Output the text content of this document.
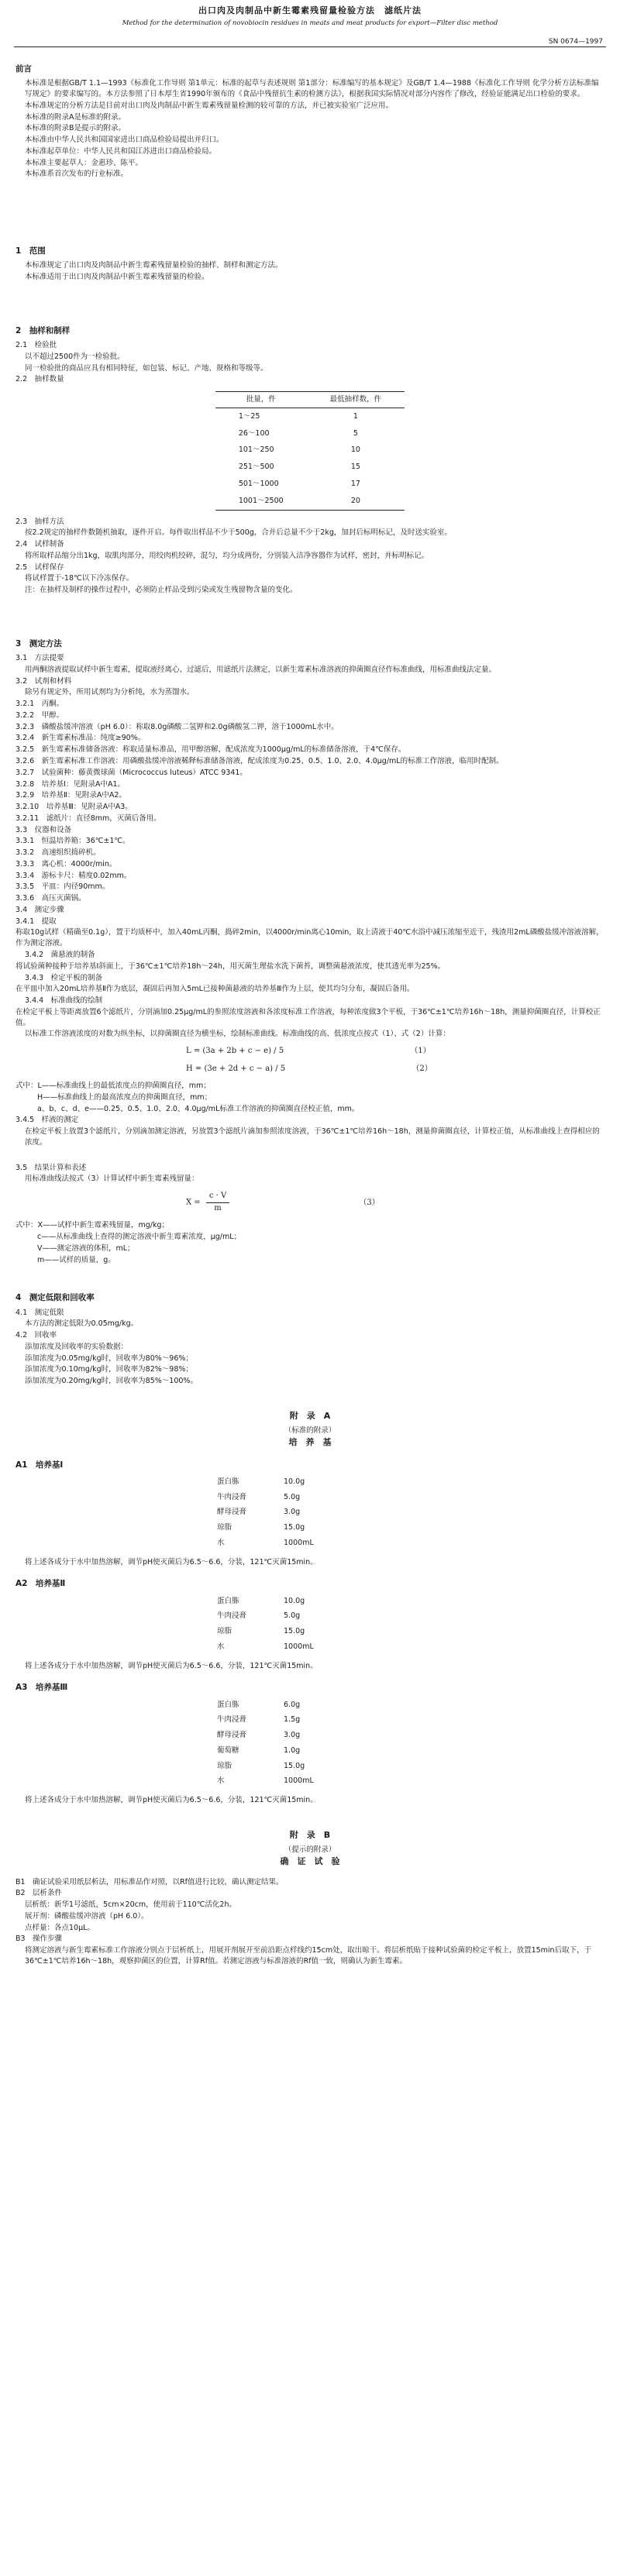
出口肉及肉制品中新生霉素残留量检验方法　滤纸片法
Method for the determination of novobiocin residues in meats and meat products for export—Filter disc method
SN 0674—1997
前言

本标准是根据GB/T 1.1—1993《标准化工作导则 第1单元：标准的起草与表述规则 第1部分：标准编写的基本规定》及GB/T 1.4—1988《标准化工作导则 化学分析方法标准编写规定》的要求编写的。本方法参照了日本厚生省1990年颁布的《食品中残留抗生素的检测方法》，根据我国实际情况对部分内容作了修改，经验证能满足出口检验的要求。

本标准规定的分析方法是目前对出口肉及肉制品中新生霉素残留量检测的较可靠的方法，并已被实验室广泛应用。

本标准的附录A是标准的附录。

本标准的附录B是提示的附录。

本标准由中华人民共和国国家进出口商品检验局提出并归口。

本标准起草单位：中华人民共和国江苏进出口商品检验局。

本标准主要起草人：金惠珍、陈平。

本标准系首次发布的行业标准。

1　范围

本标准规定了出口肉及肉制品中新生霉素残留量检验的抽样、制样和测定方法。

本标准适用于出口肉及肉制品中新生霉素残留量的检验。

2　抽样和制样

2.1　检验批

以不超过2500件为一检验批。

同一检验批的商品应具有相同特征，如包装、标记、产地、规格和等级等。

2.2　抽样数量

批量，件	最低抽样数，件
1～25	1
26～100	5
101～250	10
251～500	15
501～1000	17
1001～2500	20

2.3　抽样方法

按2.2规定的抽样件数随机抽取，逐件开启。每件取出样品不少于500g，合并后总量不少于2kg，加封后标明标记，及时送实验室。

2.4　试样制备

将所取样品缩分出1kg，取肌肉部分，用绞肉机绞碎，混匀，均分成两份，分别装入洁净容器作为试样，密封，并标明标记。

2.5　试样保存

将试样置于-18℃以下冷冻保存。

注：在抽样及制样的操作过程中，必须防止样品受到污染或发生残留物含量的变化。

3　测定方法

3.1　方法提要

用两酮溶液提取试样中新生霉素，提取液经离心、过滤后，用滤纸片法测定，以新生霉素标准溶液的抑菌圈直径作标准曲线，用标准曲线法定量。

3.2　试剂和材料

除另有规定外，所用试剂均为分析纯，水为蒸馏水。

3.2.1　丙酮。

3.2.2　甲醇。

3.2.3　磷酸盐缓冲溶液（pH 6.0）：称取8.0g磷酸二氢钾和2.0g磷酸氢二钾，溶于1000mL水中。

3.2.4　新生霉素标准品：纯度≥90%。

3.2.5　新生霉素标准储备溶液：称取适量标准品，用甲醇溶解，配成浓度为1000μg/mL的标准储备溶液，于4℃保存。

3.2.6　新生霉素标准工作溶液：用磷酸盐缓冲溶液稀释标准储备溶液，配成浓度为0.25、0.5、1.0、2.0、4.0μg/mL的标准工作溶液，临用时配制。

3.2.7　试验菌种：藤黄微球菌（Micrococcus luteus）ATCC 9341。

3.2.8　培养基Ⅰ：见附录A中A1。

3.2.9　培养基Ⅱ：见附录A中A2。

3.2.10　培养基Ⅲ：见附录A中A3。

3.2.11　滤纸片：直径8mm，灭菌后备用。

3.3　仪器和设备

3.3.1　恒温培养箱：36℃±1℃。

3.3.2　高速组织捣碎机。

3.3.3　离心机：4000r/min。

3.3.4　游标卡尺：精度0.02mm。

3.3.5　平皿：内径90mm。

3.3.6　高压灭菌锅。

3.4　测定步骤

3.4.1　提取

称取10g试样（精确至0.1g），置于均质杯中，加入40mL丙酮，捣碎2min，以4000r/min离心10min，取上清液于40℃水浴中减压浓缩至近干，残渣用2mL磷酸盐缓冲溶液溶解，作为测定溶液。

3.4.2　菌悬液的制备

将试验菌种接种于培养基Ⅰ斜面上，于36℃±1℃培养18h～24h，用灭菌生理盐水洗下菌苔，调整菌悬液浓度，使其透光率为25%。

3.4.3　检定平板的制备

在平皿中加入20mL培养基Ⅱ作为底层，凝固后再加入5mL已接种菌悬液的培养基Ⅲ作为上层，使其均匀分布，凝固后备用。

3.4.4　标准曲线的绘制

在检定平板上等距离放置6个滤纸片，分别滴加0.25μg/mL的参照浓度溶液和各浓度标准工作溶液，每种浓度做3个平板，于36℃±1℃培养16h～18h，测量抑菌圈直径，计算校正值。

以标准工作溶液浓度的对数为纵坐标，以抑菌圈直径为横坐标，绘制标准曲线。标准曲线的高、低浓度点按式（1）、式（2）计算：

L = (3a + 2b + c − e) / 5	（1）
H = (3e + 2d + c − a) / 5	（2）

式中：L——标准曲线上的最低浓度点的抑菌圈直径，mm；

H——标准曲线上的最高浓度点的抑菌圈直径，mm；

a、b、c、d、e——0.25、0.5、1.0、2.0、4.0μg/mL标准工作溶液的抑菌圈直径校正值，mm。

3.4.5　样液的测定

在检定平板上放置3个滤纸片，分别滴加测定溶液，另放置3个滤纸片滴加参照浓度溶液，于36℃±1℃培养16h～18h，测量抑菌圈直径，计算校正值，从标准曲线上查得相应的浓度。

3.5　结果计算和表述

用标准曲线法按式（3）计算试样中新生霉素残留量：

$X = \frac{c \cdot V}{m}$	（3）

式中：X——试样中新生霉素残留量，mg/kg；

c——从标准曲线上查得的测定溶液中新生霉素浓度，μg/mL；

V——测定溶液的体积，mL；

m——试样的质量，g。

4　测定低限和回收率

4.1　测定低限

本方法的测定低限为0.05mg/kg。

4.2　回收率

添加浓度及回收率的实验数据：

添加浓度为0.05mg/kg时，回收率为80%～96%；

添加浓度为0.10mg/kg时，回收率为82%～98%；

添加浓度为0.20mg/kg时，回收率为85%～100%。

附　录　A
（标准的附录）
培　养　基
A1　培养基Ⅰ
蛋白胨	10.0g
牛肉浸膏	5.0g
酵母浸膏	3.0g
琼脂	15.0g
水	1000mL

将上述各成分于水中加热溶解，调节pH使灭菌后为6.5～6.6，分装，121℃灭菌15min。

A2　培养基Ⅱ
蛋白胨	10.0g
牛肉浸膏	5.0g
琼脂	15.0g
水	1000mL

将上述各成分于水中加热溶解，调节pH使灭菌后为6.5～6.6，分装，121℃灭菌15min。

A3　培养基Ⅲ
蛋白胨	6.0g
牛肉浸膏	1.5g
酵母浸膏	3.0g
葡萄糖	1.0g
琼脂	15.0g
水	1000mL

将上述各成分于水中加热溶解，调节pH使灭菌后为6.5～6.6，分装，121℃灭菌15min。

附　录　B
（提示的附录）
确　证　试　验

B1　确证试验采用纸层析法，用标准品作对照，以Rf值进行比较，确认测定结果。

B2　层析条件

层析纸：新华1号滤纸，5cm×20cm，使用前于110℃活化2h。

展开剂：磷酸盐缓冲溶液（pH 6.0）。

点样量：各点10μL。

B3　操作步骤

将测定溶液与新生霉素标准工作溶液分别点于层析纸上，用展开剂展开至前沿距点样线约15cm处，取出晾干。将层析纸贴于接种试验菌的检定平板上，放置15min后取下，于36℃±1℃培养16h～18h，观察抑菌区的位置，计算Rf值。若测定溶液与标准溶液的Rf值一致，则确认为新生霉素。
